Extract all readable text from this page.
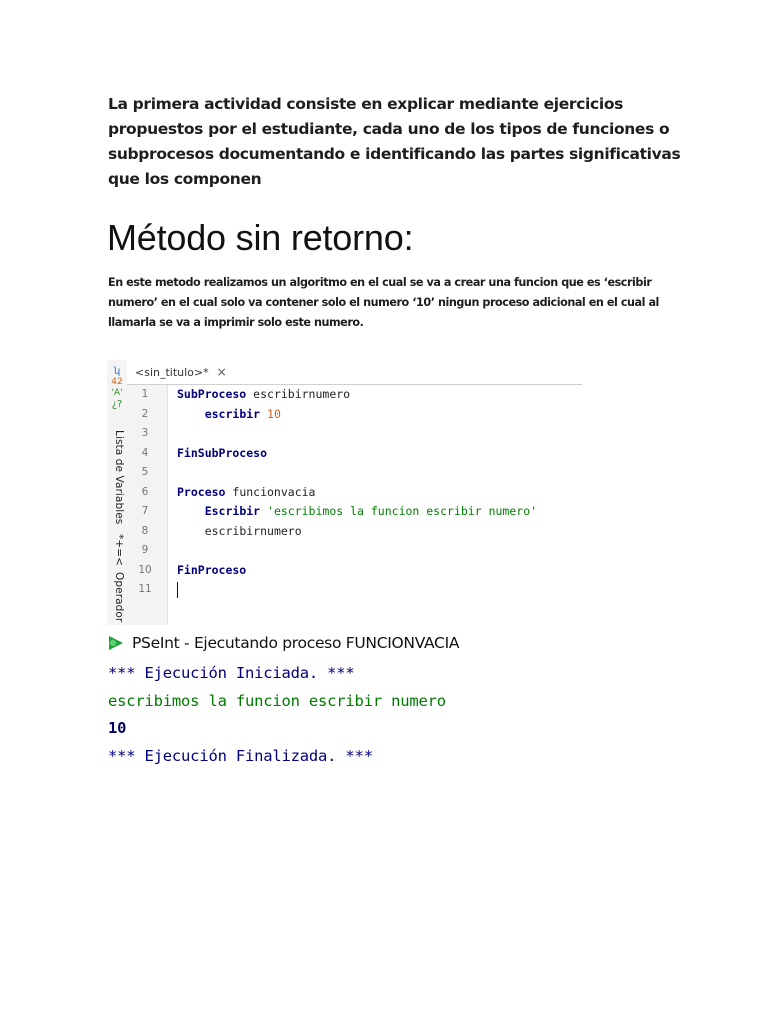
La primera actividad consiste en explicar mediante ejercicios propuestos por el estudiante, cada uno de los tipos de funciones o subprocesos documentando e identificando las partes significativas que los componen

Método sin retorno:

En este metodo realizamos un algoritmo en el cual se va a crear una funcion que es ‘escribir numero’ en el cual solo va contener solo el numero ‘10’ ningun proceso adicional en el cual al llamarla se va a imprimir solo este numero.

ʮ
42
'A'
¿?
Lista de Variables
*+=<
Operador
<sin_titulo>* ×
1	SubProceso escribirnumero
2	escribir 10
3
4	FinSubProceso
5
6	Proceso funcionvacia
7	Escribir 'escribimos la funcion escribir numero'
8	escribirnumero
9
10	FinProceso
11
PSeInt - Ejecutando proceso FUNCIONVACIA
*** Ejecución Iniciada. ***
escribimos la funcion escribir numero
10
*** Ejecución Finalizada. ***
